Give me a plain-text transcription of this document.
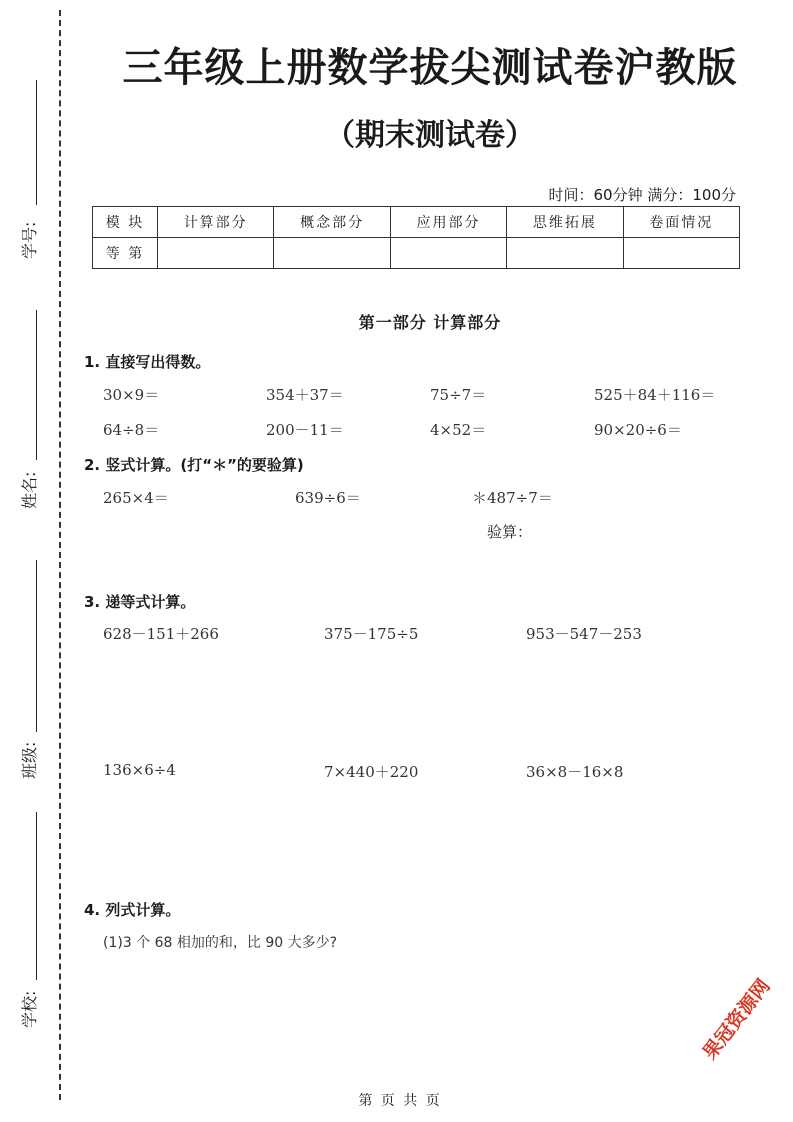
学号:
姓名:
班级:
学校:
三年级上册数学拔尖测试卷沪教版
（期末测试卷）
时间：60分钟 满分：100分
模 块	计算部分	概念部分	应用部分	思维拓展	卷面情况
等 第					
第一部分 计算部分
1. 直接写出得数。
30×9＝	354＋37＝	75÷7＝	525＋84＋116＝
64÷8＝	200－11＝	4×52＝	90×20÷6＝
2. 竖式计算。(打“＊”的要验算)
265×4＝	639÷6＝	＊487÷7＝
验算：
3. 递等式计算。
628－151＋266	375－175÷5	953－547－253
136×6÷4	7×440＋220	36×8－16×8
4. 列式计算。
(1)3 个 68 相加的和，比 90 大多少?
果冠资源网
第 页 共 页
